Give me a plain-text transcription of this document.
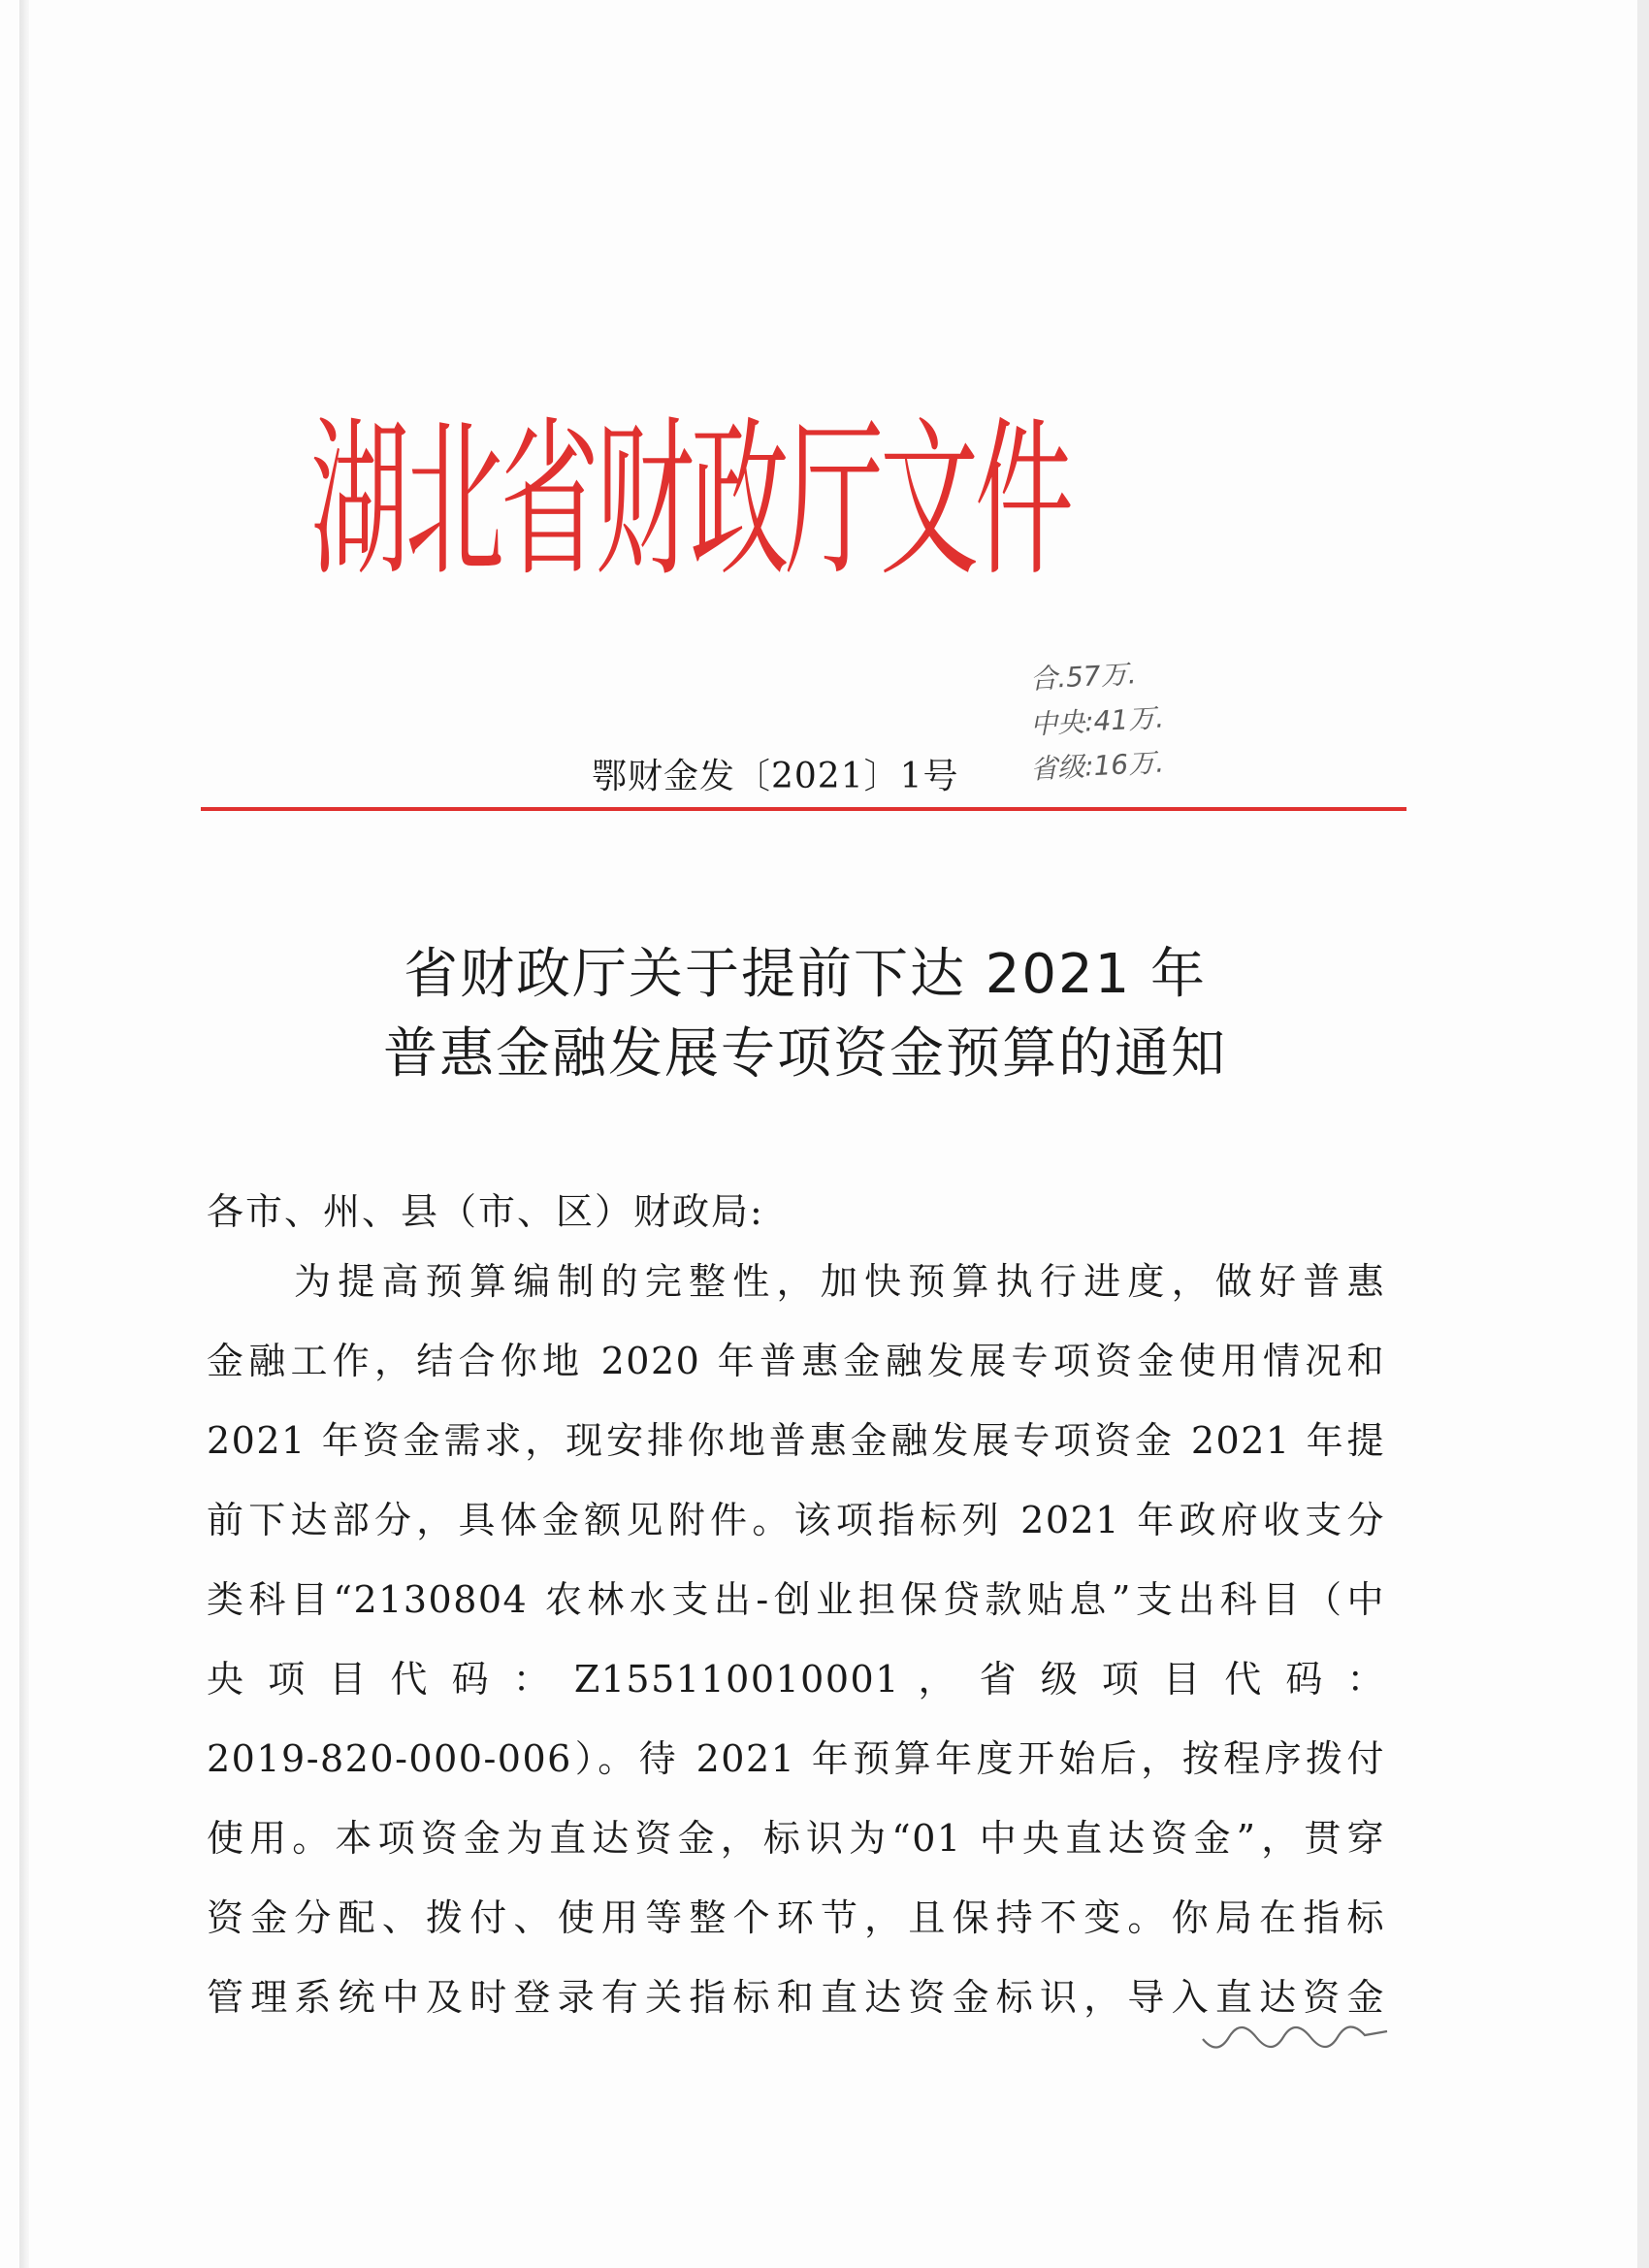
湖北省财政厅文件
合.57万.
中央:41万.
省级:16万.
鄂财金发〔2021〕1号
省财政厅关于提前下达 2021 年
普惠金融发展专项资金预算的通知
各市、州、县（市、区）财政局:
为提高预算编制的完整性，加快预算执行进度，做好普惠
金融工作，结合你地 2020 年普惠金融发展专项资金使用情况和
2021 年资金需求，现安排你地普惠金融发展专项资金 2021 年提
前下达部分，具体金额见附件。该项指标列 2021 年政府收支分
类科目“2130804 农林水支出-创业担保贷款贴息”支出科目（中
央 项 目 代 码 ： Z155110010001 ， 省 级 项 目 代 码 ：
2019-820-000-006）。待 2021 年预算年度开始后，按程序拨付
使用。本项资金为直达资金，标识为“01 中央直达资金”，贯穿
资金分配、拨付、使用等整个环节，且保持不变。你局在指标
管理系统中及时登录有关指标和直达资金标识，导入直达资金
